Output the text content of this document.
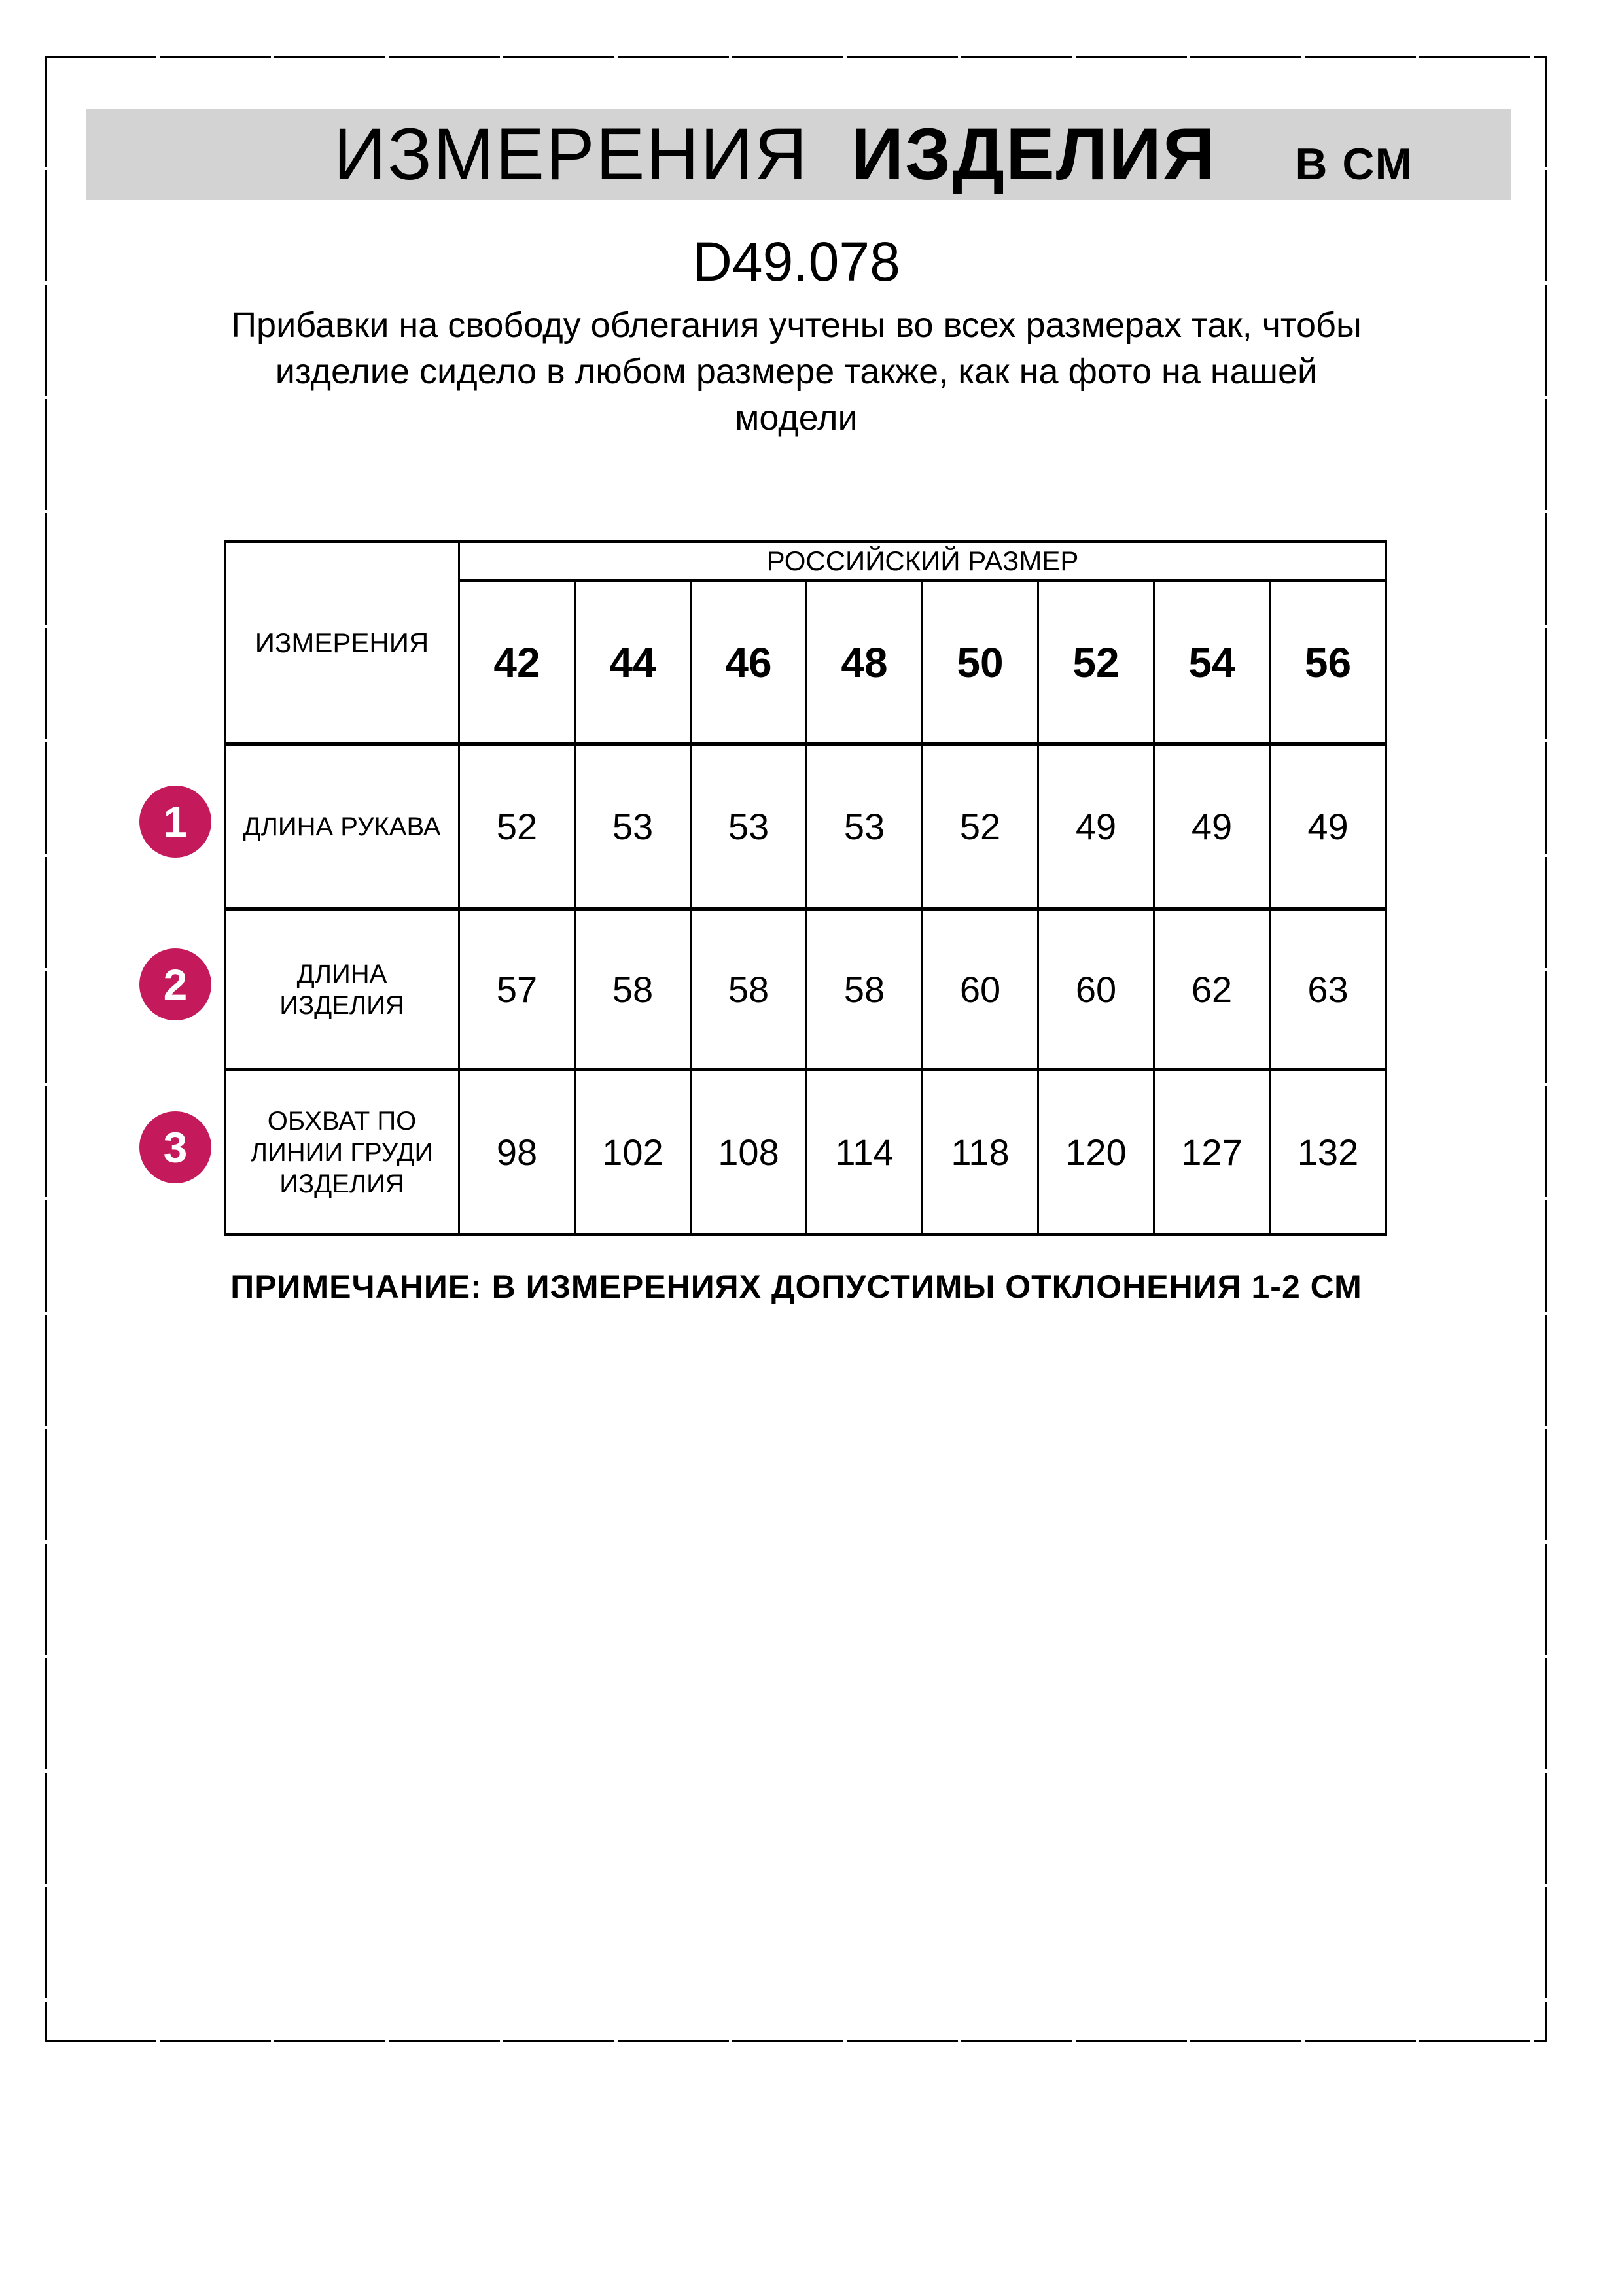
ИЗМЕРЕНИЯ ИЗДЕЛИЯ В СМ
D49.078
Прибавки на свободу облегания учтены во всех размерах так, чтобы
изделие сидело в любом размере также, как на фото на нашей
модели
ИЗМЕРЕНИЯ	РОССИЙСКИЙ РАЗМЕР							
	42	44	46	48	50	52	54	56

ДЛИНА РУКАВА	52	53	53	53	52	49	49	49

ДЛИНА
ИЗДЕЛИЯ	57	58	58	58	60	60	62	63

ОБХВАТ ПО
ЛИНИИ ГРУДИ
ИЗДЕЛИЯ	98	102	108	114	118	120	127	132
1
2
3
ПРИМЕЧАНИЕ: В ИЗМЕРЕНИЯХ ДОПУСТИМЫ ОТКЛОНЕНИЯ 1-2 СМ
